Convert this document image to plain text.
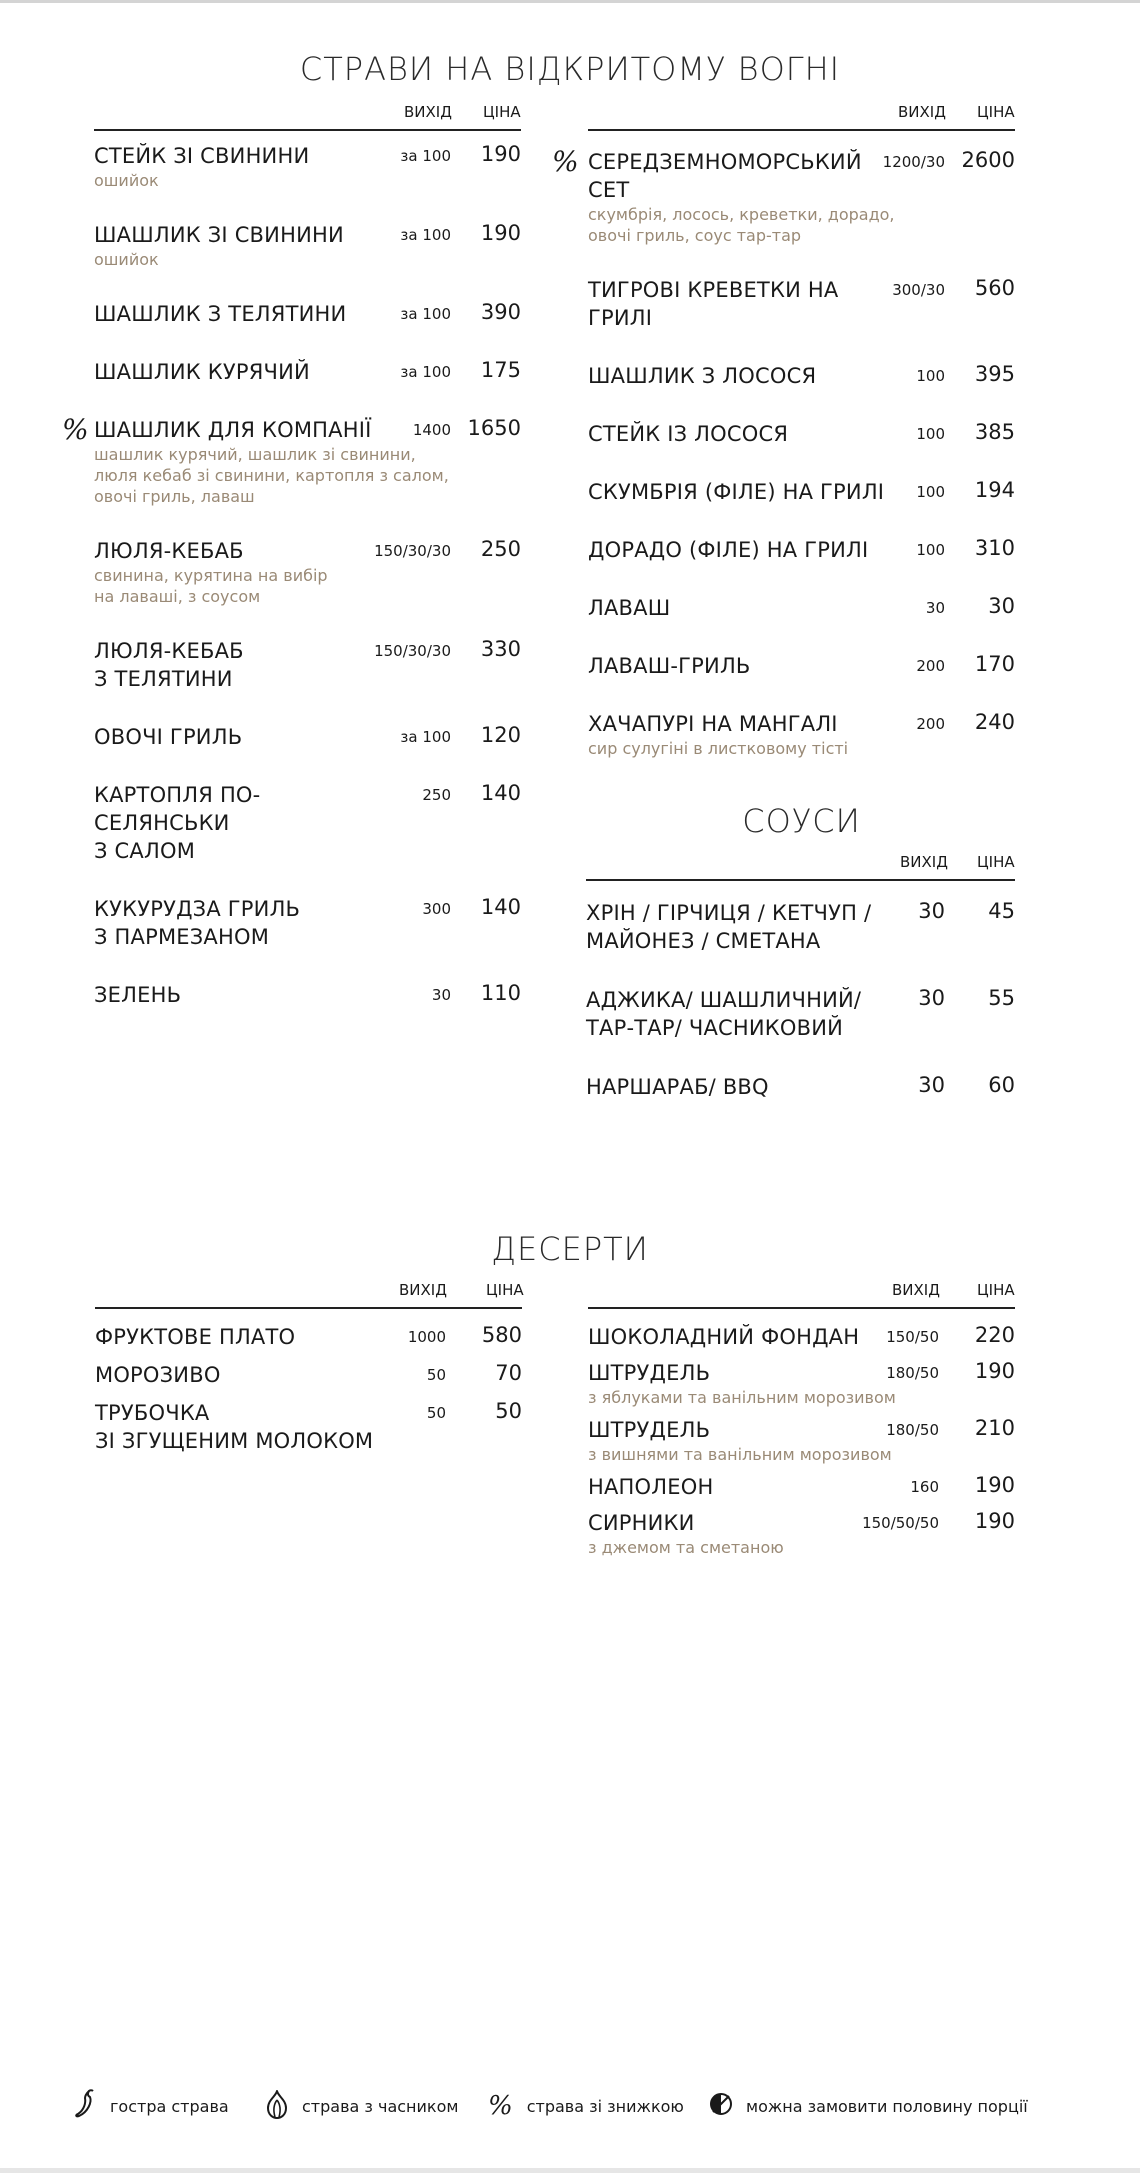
СТРАВИ НА ВІДКРИТОМУ ВОГНІ
ВИХІД ЦІНА
СТЕЙК ЗІ СВИНИНИ
ошийок
за 100 190
ШАШЛИК ЗІ СВИНИНИ
ошийок
за 100 190
ШАШЛИК З ТЕЛЯТИНИ	за 100 390
ШАШЛИК КУРЯЧИЙ	за 100 175
% ШАШЛИК ДЛЯ КОМПАНІЇ
шашлик курячий, шашлик зі свинини,
люля кебаб зі свинини, картопля з салом,
овочі гриль, лаваш
1400 1650
ЛЮЛЯ-КЕБАБ
свинина, курятина на вибір
на лаваші, з соусом
150/30/30 250
ЛЮЛЯ-КЕБАБ
З ТЕЛЯТИНИ
150/30/30 330
ОВОЧІ ГРИЛЬ	за 100 120
КАРТОПЛЯ ПО-СЕЛЯНСЬКИ
З САЛОМ
250 140
КУКУРУДЗА ГРИЛЬ
З ПАРМЕЗАНОМ
300 140
ЗЕЛЕНЬ	30 110
ВИХІД ЦІНА
% СЕРЕДЗЕМНОМОРСЬКИЙ
СЕТ
скумбрія, лосось, креветки, дорадо,
овочі гриль, соус тар-тар
1200/30 2600
ТИГРОВІ КРЕВЕТКИ НА ГРИЛІ
300/30 560
ШАШЛИК З ЛОСОСЯ	100 395
СТЕЙК ІЗ ЛОСОСЯ	100 385
СКУМБРІЯ (ФІЛЕ) НА ГРИЛІ 100 194
ДОРАДО (ФІЛЕ) НА ГРИЛІ	100 310
ЛАВАШ	30 30
ЛАВАШ-ГРИЛЬ	200 170
ХАЧАПУРІ НА МАНГАЛІ
сир сулугіні в листковому тісті
200 240
СОУСИ
ВИХІД ЦІНА
ХРІН / ГІРЧИЦЯ / КЕТЧУП /
МАЙОНЕЗ / СМЕТАНА
30 45
АДЖИКА/ ШАШЛИЧНИЙ/
ТАР-ТАР/ ЧАСНИКОВИЙ
30 55
НАРШАРАБ/ BBQ	30 60
ДЕСЕРТИ
ВИХІД	ЦІНА
ФРУКТОВЕ ПЛАТО	1000 580
МОРОЗИВО	50 70
ТРУБОЧКА
ЗІ ЗГУЩЕНИМ МОЛОКОМ
50 50
ВИХІД ЦІНА
ШОКОЛАДНИЙ ФОНДАН	150/50 220
ШТРУДЕЛЬ
з яблуками та ванільним морозивом
180/50 190
ШТРУДЕЛЬ
з вишнями та ванільним морозивом
180/50 210
НАПОЛЕОН	160 190
СИРНИКИ
з джемом та сметаною
150/50/50 190
гостра страва	страва з часником % страва зі знижкою	можна замовити половину порції
